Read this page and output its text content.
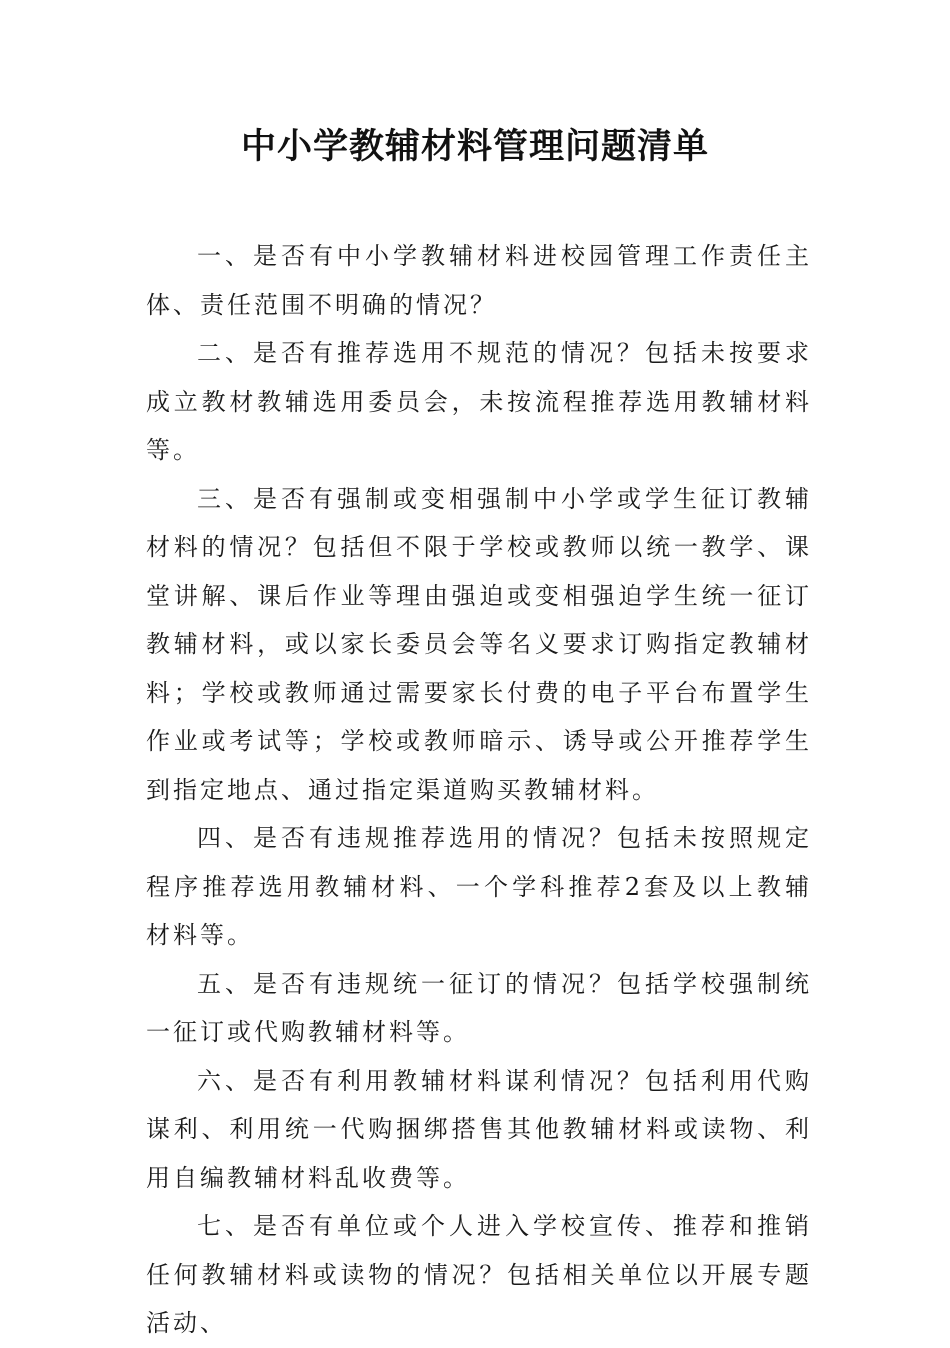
中小学教辅材料管理问题清单

一、是否有中小学教辅材料进校园管理工作责任主体、责任范围不明确的情况？

二、是否有推荐选用不规范的情况？包括未按要求成立教材教辅选用委员会，未按流程推荐选用教辅材料等。

三、是否有强制或变相强制中小学或学生征订教辅材料的情况？包括但不限于学校或教师以统一教学、课堂讲解、课后作业等理由强迫或变相强迫学生统一征订教辅材料，或以家长委员会等名义要求订购指定教辅材料；学校或教师通过需要家长付费的电子平台布置学生作业或考试等；学校或教师暗示、诱导或公开推荐学生到指定地点、通过指定渠道购买教辅材料。

四、是否有违规推荐选用的情况？包括未按照规定程序推荐选用教辅材料、一个学科推荐2套及以上教辅材料等。

五、是否有违规统一征订的情况？包括学校强制统一征订或代购教辅材料等。

六、是否有利用教辅材料谋利情况？包括利用代购谋利、利用统一代购捆绑搭售其他教辅材料或读物、利用自编教辅材料乱收费等。

七、是否有单位或个人进入学校宣传、推荐和推销任何教辅材料或读物的情况？包括相关单位以开展专题活动、
